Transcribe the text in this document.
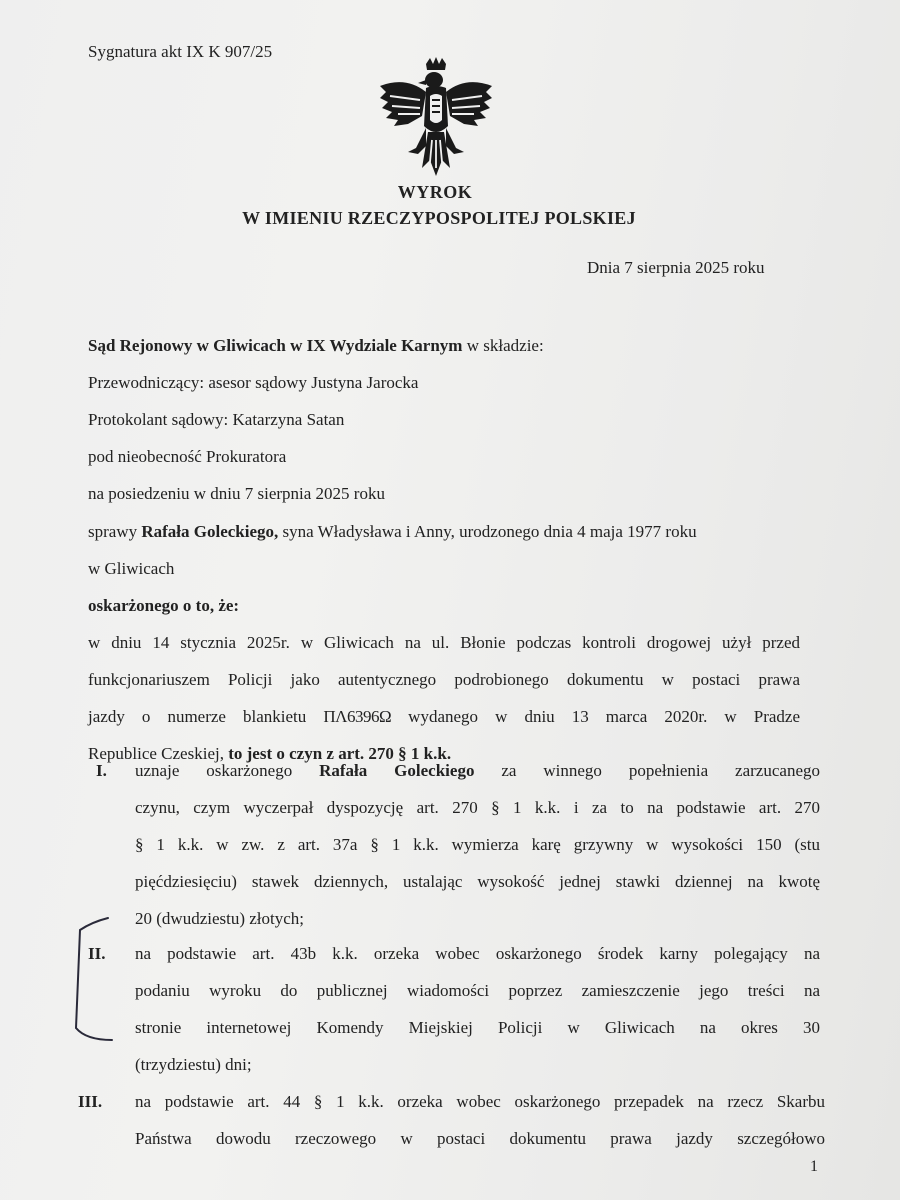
Sygnatura akt IX K 907/25
WYROK
W IMIENIU RZECZYPOSPOLITEJ POLSKIEJ
Dnia 7 sierpnia 2025 roku
Sąd Rejonowy w Gliwicach w IX Wydziale Karnym w składzie:
Przewodniczący: asesor sądowy Justyna Jarocka
Protokolant sądowy: Katarzyna Satan
pod nieobecność Prokuratora
na posiedzeniu w dniu 7 sierpnia 2025 roku
sprawy Rafała Goleckiego, syna Władysława i Anny, urodzonego dnia 4 maja 1977 roku
w Gliwicach
oskarżonego o to, że:
w dniu 14 stycznia 2025r. w Gliwicach na ul. Błonie podczas kontroli drogowej użył przed
funkcjonariuszem Policji jako autentycznego podrobionego dokumentu w postaci prawa
jazdy o numerze blankietu ΠΛ6396Ω wydanego w dniu 13 marca 2020r. w Pradze
Republice Czeskiej, to jest o czyn z art. 270 § 1 k.k.
I. uznaje oskarżonego Rafała Goleckiego za winnego popełnienia zarzucanego
czynu, czym wyczerpał dyspozycję art. 270 § 1 k.k. i za to na podstawie art. 270
§ 1 k.k. w zw. z art. 37a § 1 k.k. wymierza karę grzywny w wysokości 150 (stu
pięćdziesięciu) stawek dziennych, ustalając wysokość jednej stawki dziennej na kwotę
20 (dwudziestu) złotych;
II. na podstawie art. 43b k.k. orzeka wobec oskarżonego środek karny polegający na
podaniu wyroku do publicznej wiadomości poprzez zamieszczenie jego treści na
stronie internetowej Komendy Miejskiej Policji w Gliwicach na okres 30
(trzydziestu) dni;
1
III. na podstawie art. 44 § 1 k.k. orzeka wobec oskarżonego przepadek na rzecz Skarbu
Państwa dowodu rzeczowego w postaci dokumentu prawa jazdy szczegółowo
